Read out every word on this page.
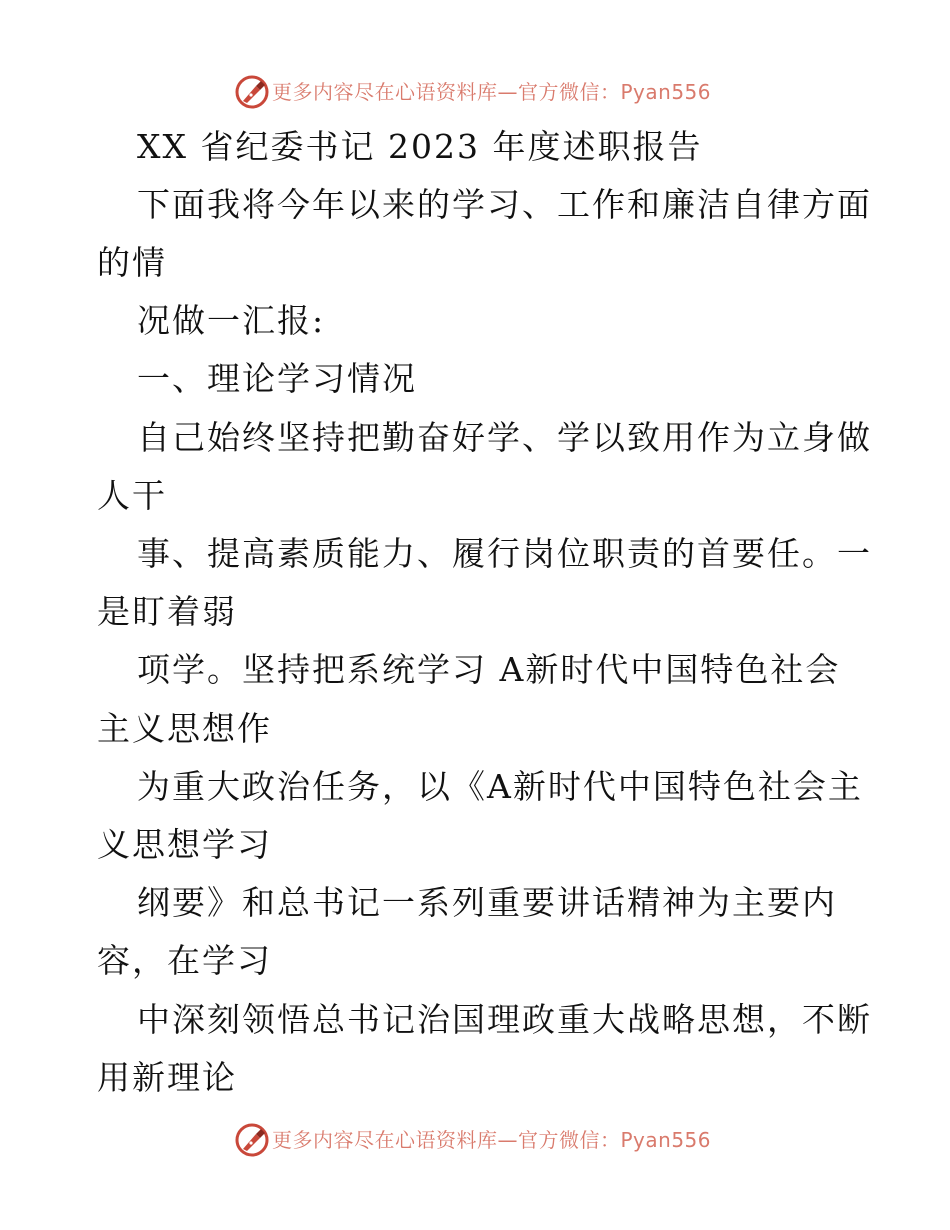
更多内容尽在心语资料库—官方微信：Pyan556
XX 省纪委书记 2023 年度述职报告
下面我将今年以来的学习、工作和廉洁自律方面
的情
况做一汇报:
一、理论学习情况
自己始终坚持把勤奋好学、学以致用作为立身做
人干
事、提高素质能力、履行岗位职责的首要任。一
是盯着弱
项学。坚持把系统学习 A新时代中国特色社会
主义思想作
为重大政治任务，以《A新时代中国特色社会主
义思想学习
纲要》和总书记一系列重要讲话精神为主要内
容，在学习
中深刻领悟总书记治国理政重大战略思想，不断
用新理论
更多内容尽在心语资料库—官方微信：Pyan556
